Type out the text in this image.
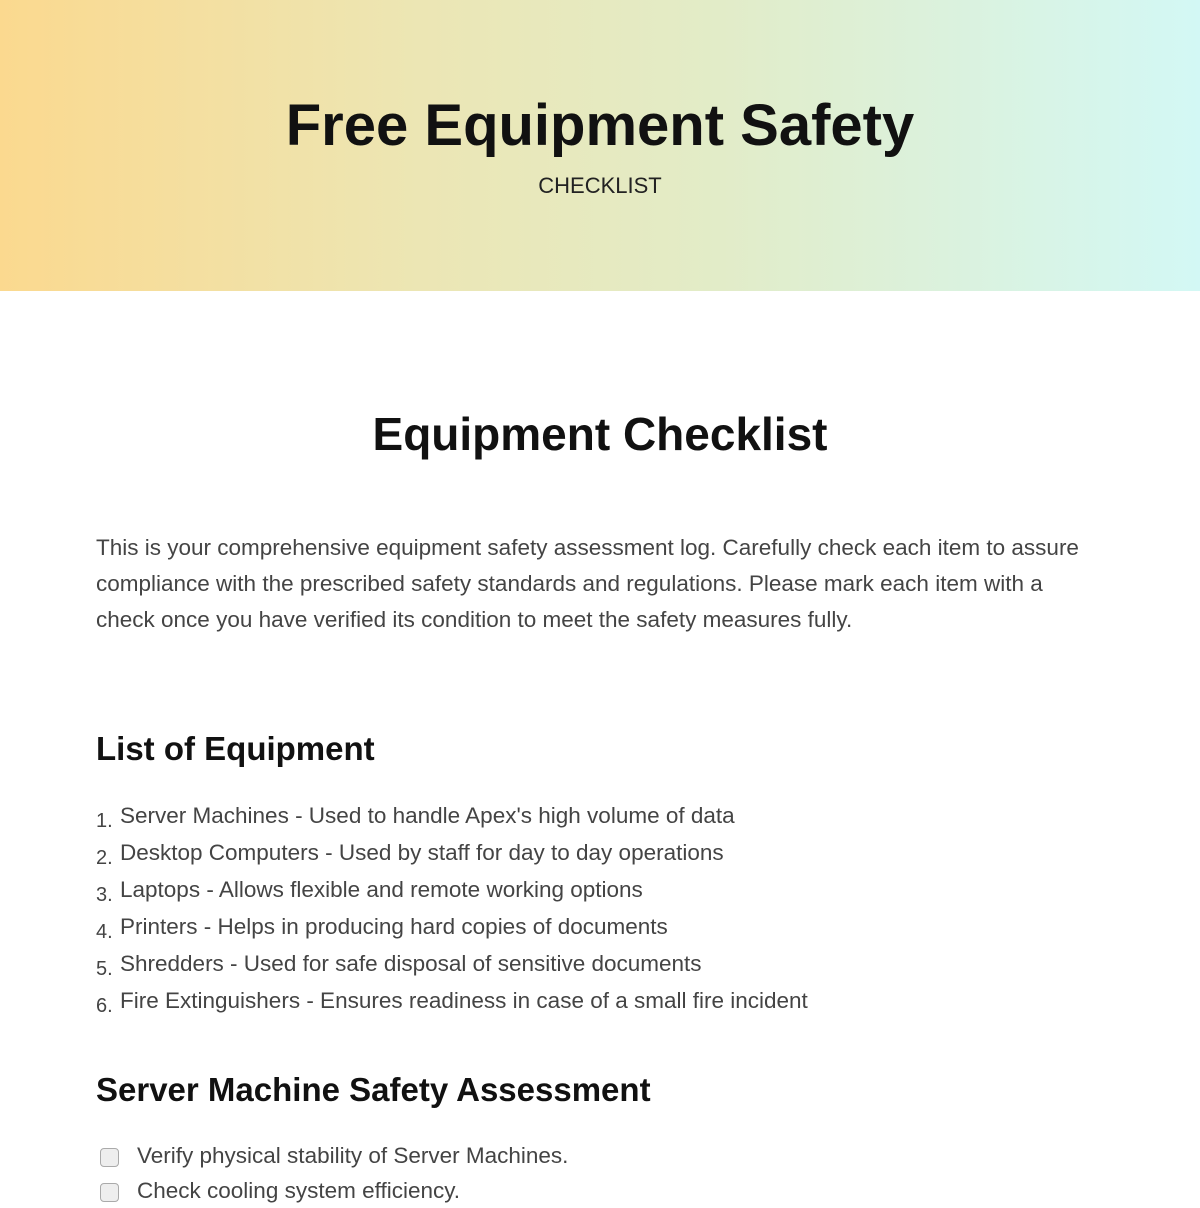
Free Equipment Safety
CHECKLIST
Equipment Checklist
This is your comprehensive equipment safety assessment log. Carefully check each item to assure compliance with the prescribed safety standards and regulations. Please mark each item with a check once you have verified its condition to meet the safety measures fully.
List of Equipment
1. Server Machines - Used to handle Apex's high volume of data
2. Desktop Computers - Used by staff for day to day operations
3. Laptops - Allows flexible and remote working options
4. Printers - Helps in producing hard copies of documents
5. Shredders - Used for safe disposal of sensitive documents
6. Fire Extinguishers - Ensures readiness in case of a small fire incident
Server Machine Safety Assessment
Verify physical stability of Server Machines.
Check cooling system efficiency.
